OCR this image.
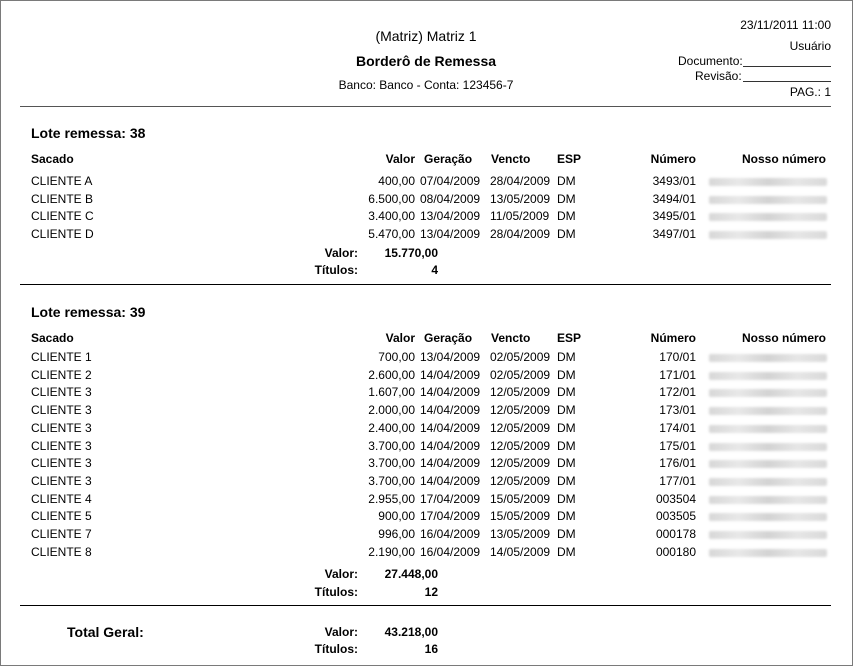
(Matriz) Matriz 1
Borderô de Remessa
Banco: Banco - Conta: 123456-7
23/11/2011 11:00
Usuário
Documento:
Revisão:
PAG.: 1
Lote remessa: 38
Sacado	Valor Geração Vencto ESP	Número	Nosso número
CLIENTE A	400,00 07/04/2009 28/04/2009 DM	3493/01
CLIENTE B	6.500,00 08/04/2009 13/05/2009 DM	3494/01
CLIENTE C	3.400,00 13/04/2009 11/05/2009 DM	3495/01
CLIENTE D	5.470,00 13/04/2009 28/04/2009 DM	3497/01
Valor:	15.770,00
Títulos:	4
Lote remessa: 39
Sacado	Valor Geração Vencto ESP	Número	Nosso número
CLIENTE 1	700,00 13/04/2009 02/05/2009 DM	170/01
CLIENTE 2	2.600,00 14/04/2009 02/05/2009 DM	171/01
CLIENTE 3	1.607,00 14/04/2009 12/05/2009 DM	172/01
CLIENTE 3	2.000,00 14/04/2009 12/05/2009 DM	173/01
CLIENTE 3	2.400,00 14/04/2009 12/05/2009 DM	174/01
CLIENTE 3	3.700,00 14/04/2009 12/05/2009 DM	175/01
CLIENTE 3	3.700,00 14/04/2009 12/05/2009 DM	176/01
CLIENTE 3	3.700,00 14/04/2009 12/05/2009 DM	177/01
CLIENTE 4	2.955,00 17/04/2009 15/05/2009 DM	003504
CLIENTE 5	900,00 17/04/2009 15/05/2009 DM	003505
CLIENTE 7	996,00 16/04/2009 13/05/2009 DM	000178
CLIENTE 8	2.190,00 16/04/2009 14/05/2009 DM	000180
Valor:	27.448,00
Títulos:	12
Total Geral:	Valor:	43.218,00
Títulos:	16
